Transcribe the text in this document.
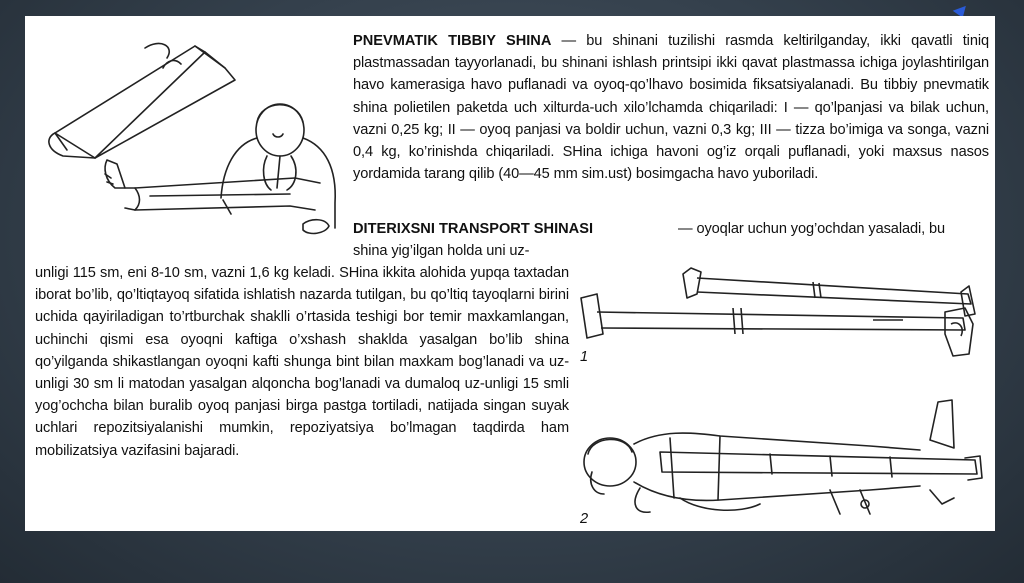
PNEVMATIK TIBBIY SHINA — bu shinani tuzilishi rasmda keltirilganday, ikki qavatli tiniq plastmassadan tayyorlanadi, bu shinani ishlash printsipi ikki qavat plastmassa ichiga joylashtirilgan havo kamerasiga havo puflanadi va oyoq-qo’lhavo bosimida fiksatsiyalanadi. Bu tibbiy pnevmatik shina polietilen paketda uch xilturda-uch xilo’lchamda chiqariladi: I — qo’lpanjasi va bilak uchun, vazni 0,25 kg; II — oyoq panjasi va boldir uchun, vazni 0,3 kg; III — tizza bo’imiga va songa, vazni 0,4 kg, ko’rinishda chiqariladi. SHina ichiga havoni og’iz orqali puflanadi, yoki maxsus nasos yordamida tarang qilib (40—45 mm sim.ust) bosimgacha havo yuboriladi.
DITERIXSNI TRANSPORT SHINASI	— oyoqlar uchun yog’ochdan yasaladi, bu
shina yig’ilgan holda uni uz-
unligi 115 sm, eni 8-10 sm, vazni 1,6 kg keladi. SHina ikkita alohida yupqa taxtadan iborat bo’lib, qo’ltiqtayoq sifatida ishlatish nazarda tutilgan, bu qo’ltiq tayoqlarni birini uchida qayiriladigan to’rtburchak shaklli o’rtasida teshigi bor temir maxkamlangan, uchinchi qismi esa oyoqni kaftiga o’xshash shaklda yasalgan bo’lib shina qo’yilganda shikastlangan oyoqni kafti shunga bint bilan maxkam bog’lanadi va uz-unligi 30 sm li matodan yasalgan alqoncha bog’lanadi va dumaloq uz-unligi 15 smli yog’ochcha bilan buralib oyoq panjasi birga pastga tortiladi, natijada singan suyak uchlari repozitsiyalanishi mumkin, repoziyatsiya bo’lmagan taqdirda ham mobilizatsiya vazifasini bajaradi.
1
2
